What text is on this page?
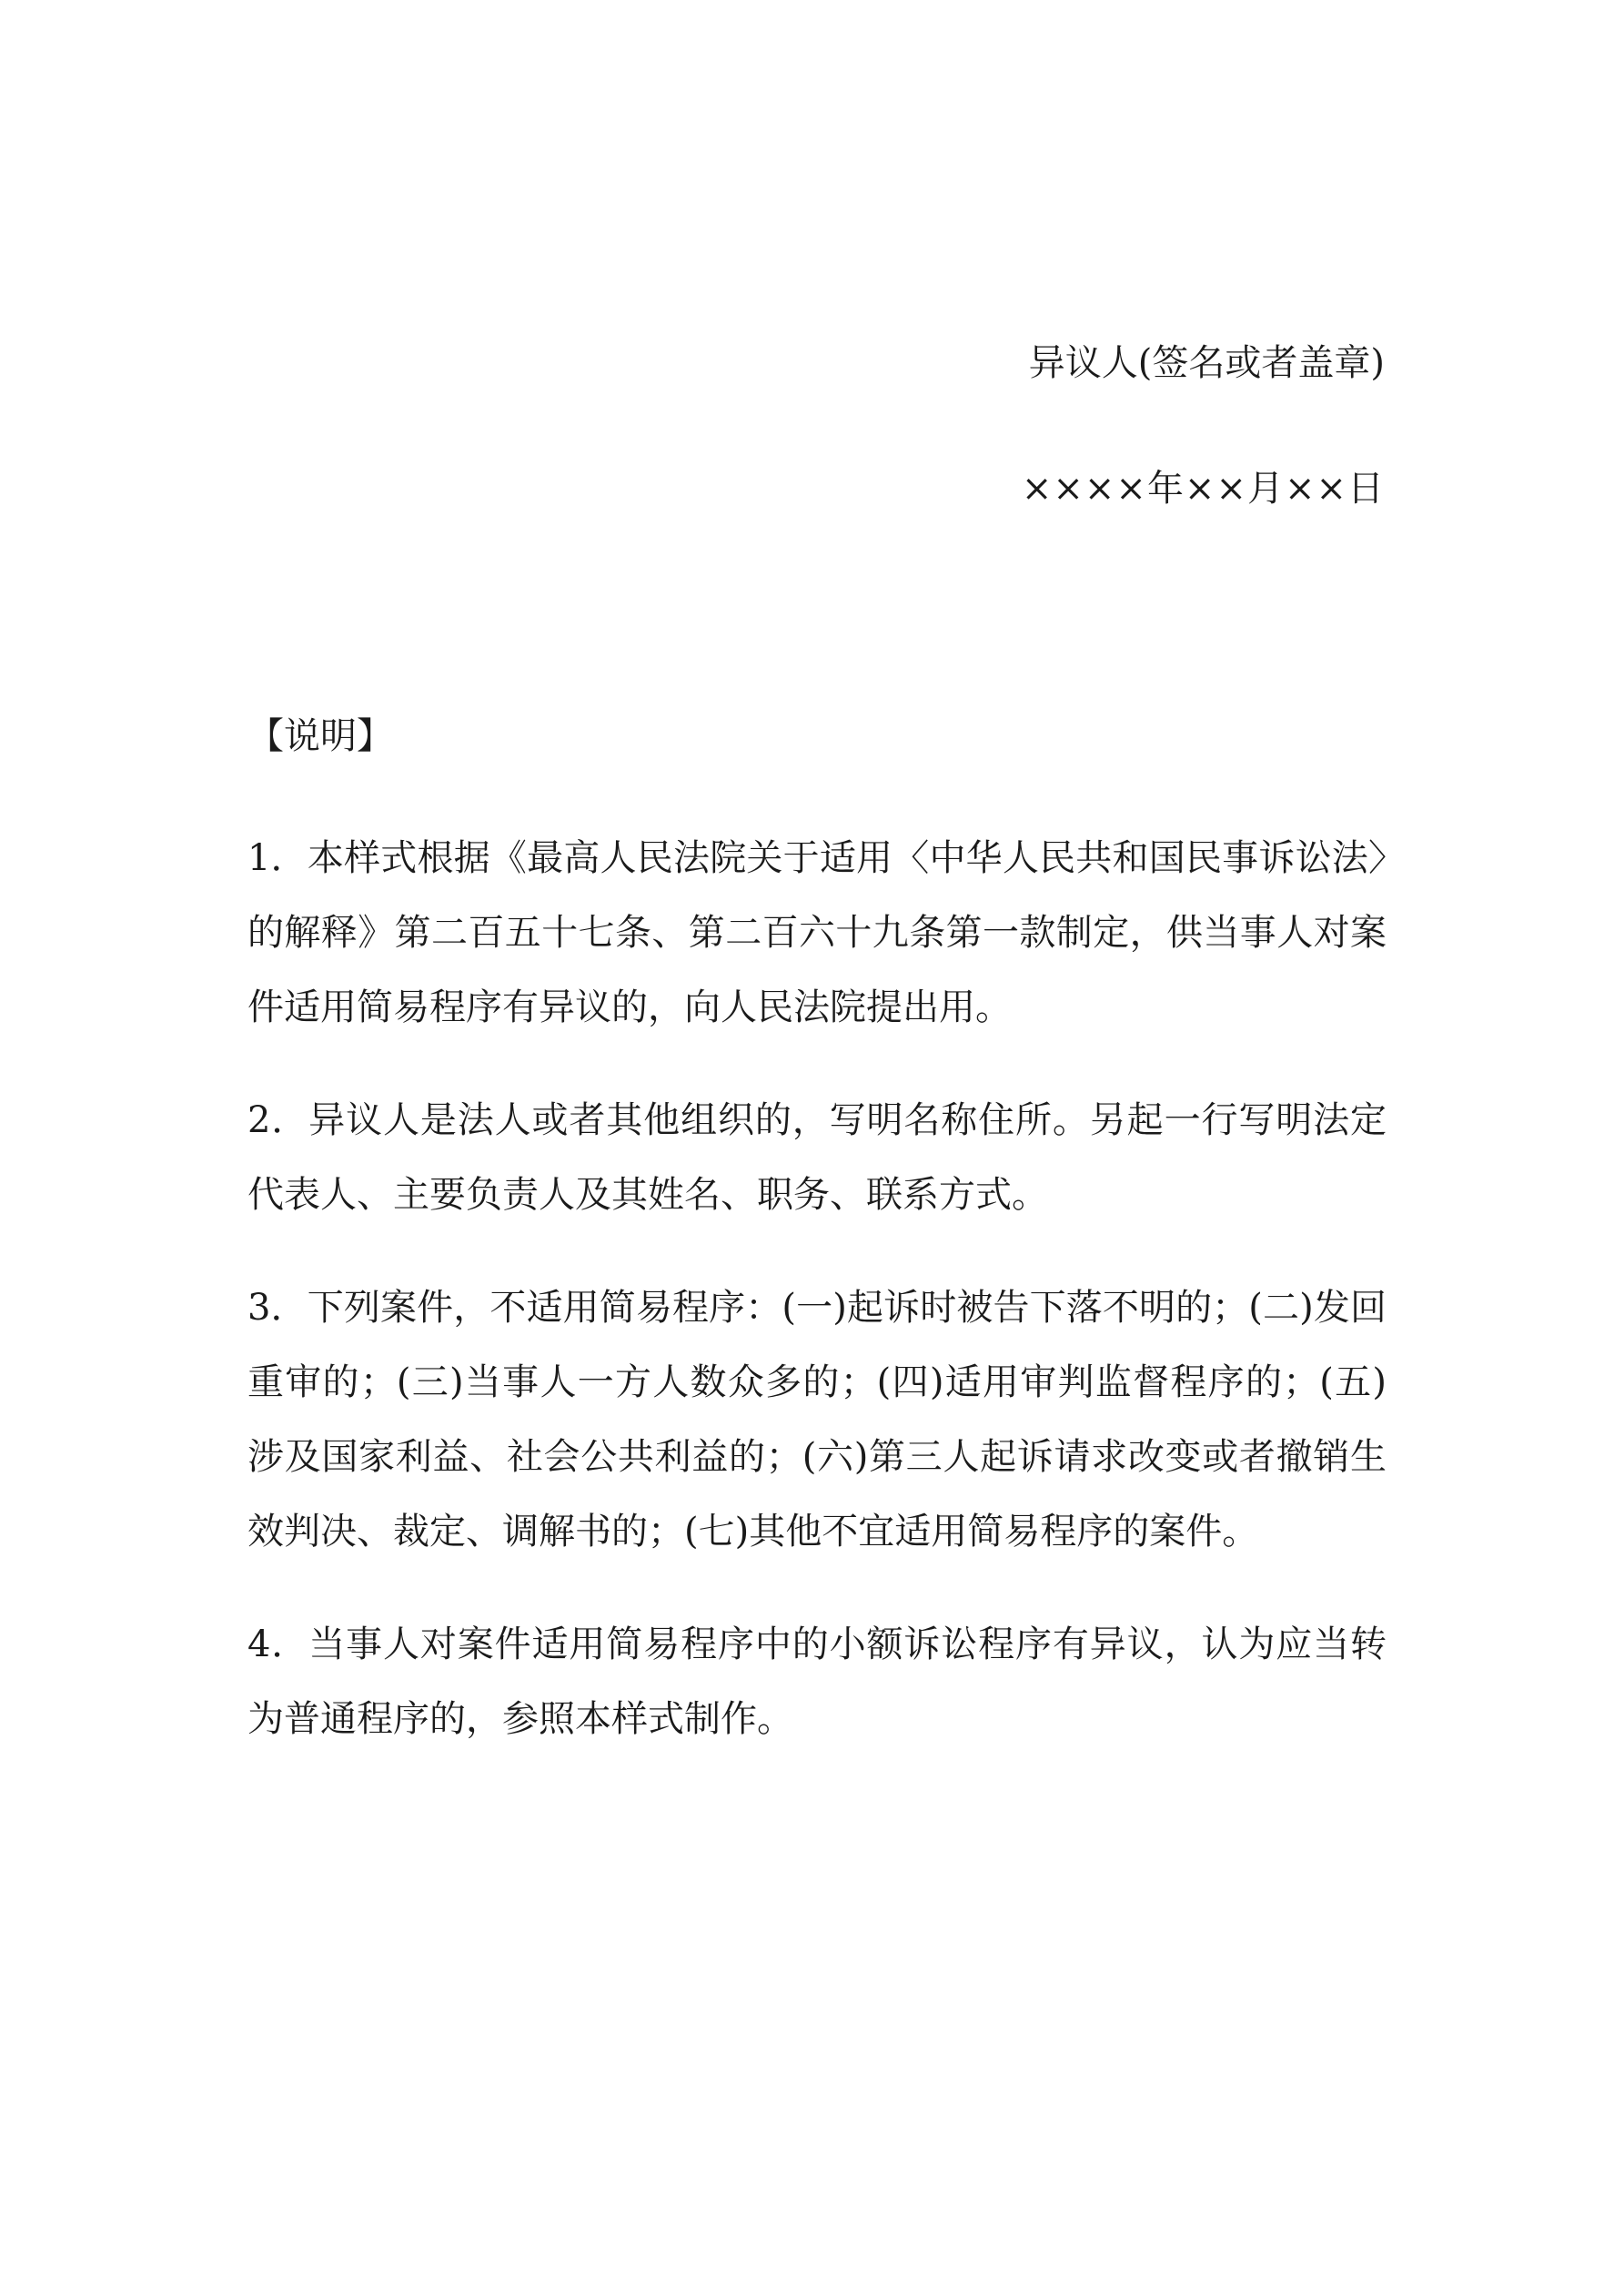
异议人(签名或者盖章)
××××年××月××日
【说明】

1．本样式根据《最高人民法院关于适用〈中华人民共和国民事诉讼法〉的解释》第二百五十七条、第二百六十九条第一款制定，供当事人对案件适用简易程序有异议的，向人民法院提出用。

2．异议人是法人或者其他组织的，写明名称住所。另起一行写明法定代表人、主要负责人及其姓名、职务、联系方式。

3．下列案件，不适用简易程序：(一)起诉时被告下落不明的；(二)发回重审的；(三)当事人一方人数众多的；(四)适用审判监督程序的；(五)涉及国家利益、社会公共利益的；(六)第三人起诉请求改变或者撤销生效判决、裁定、调解书的；(七)其他不宜适用简易程序的案件。

4．当事人对案件适用简易程序中的小额诉讼程序有异议，认为应当转为普通程序的，参照本样式制作。
